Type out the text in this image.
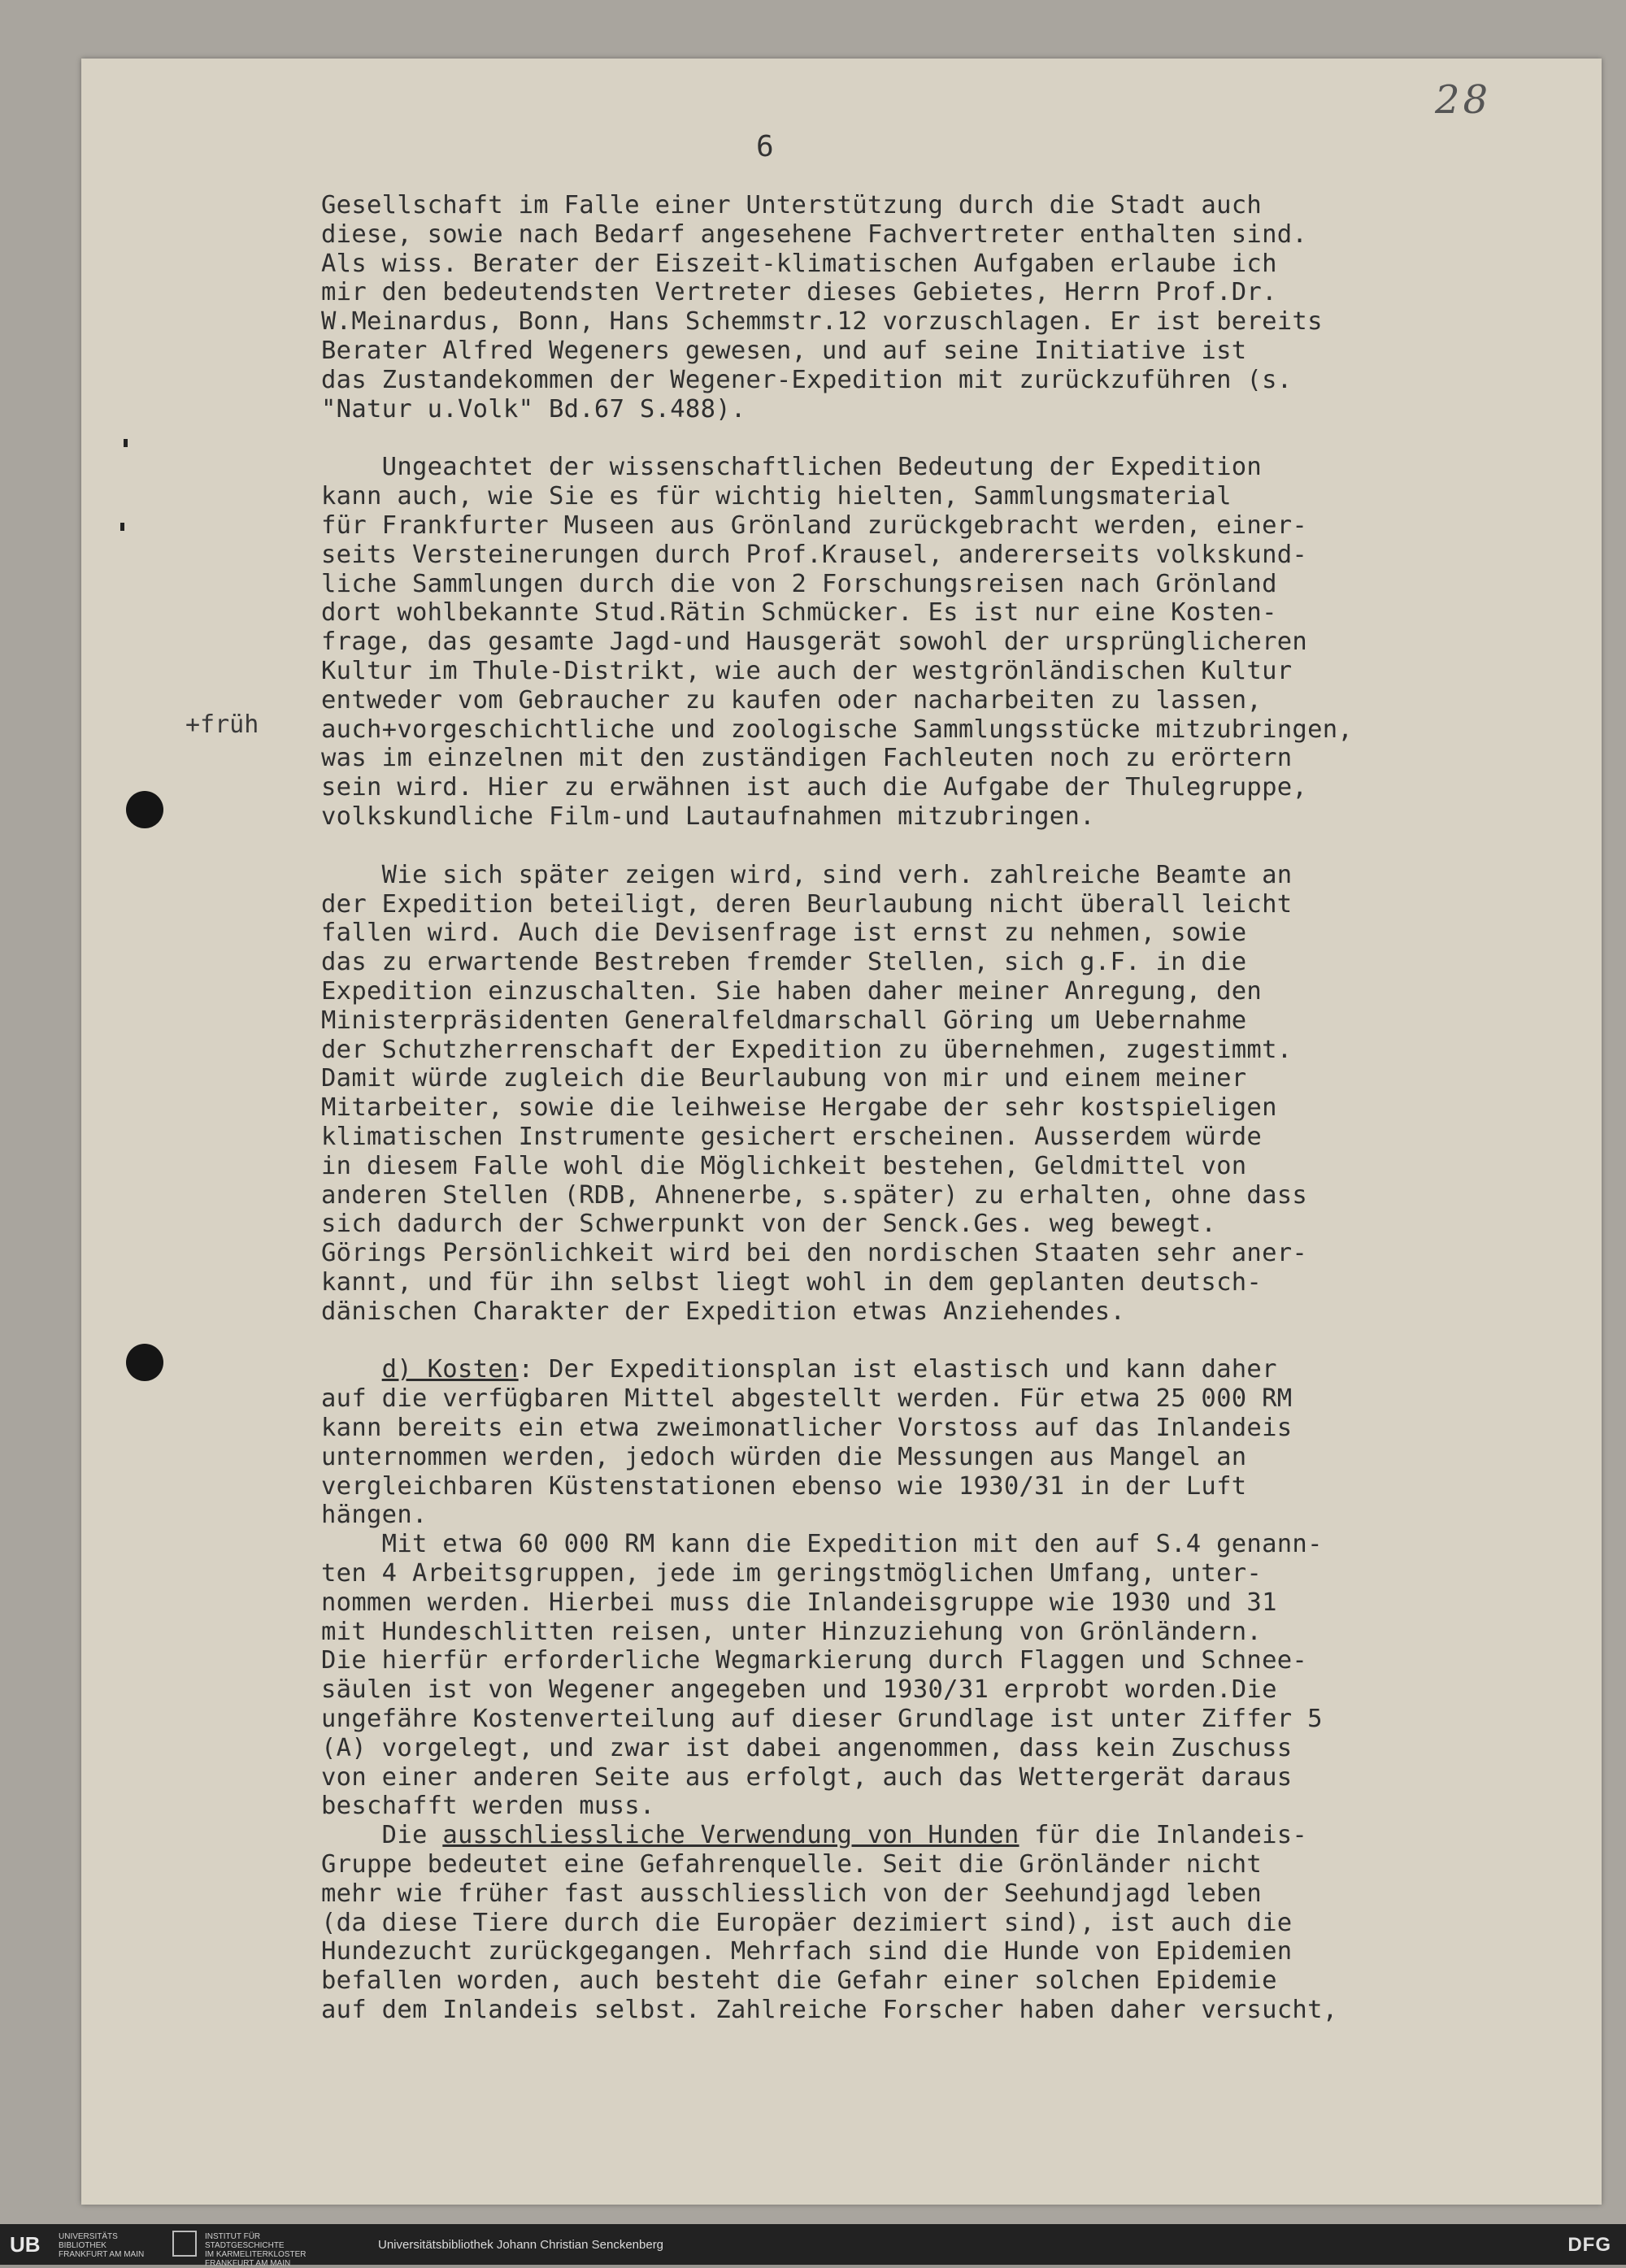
28
6
+früh

Gesellschaft im Falle einer Unterstützung durch die Stadt auch
diese, sowie nach Bedarf angesehene Fachvertreter enthalten sind.
Als wiss. Berater der Eiszeit-klimatischen Aufgaben erlaube ich
mir den bedeutendsten Vertreter dieses Gebietes, Herrn Prof.Dr.
W.Meinardus, Bonn, Hans Schemmstr.12 vorzuschlagen. Er ist bereits
Berater Alfred Wegeners gewesen, und auf seine Initiative ist
das Zustandekommen der Wegener-Expedition mit zurückzuführen (s.
"Natur u.Volk" Bd.67 S.488).

Ungeachtet der wissenschaftlichen Bedeutung der Expedition
kann auch, wie Sie es für wichtig hielten, Sammlungsmaterial
für Frankfurter Museen aus Grönland zurückgebracht werden, einer-
seits Versteinerungen durch Prof.Krausel, andererseits volkskund-
liche Sammlungen durch die von 2 Forschungsreisen nach Grönland
dort wohlbekannte Stud.Rätin Schmücker. Es ist nur eine Kosten-
frage, das gesamte Jagd-und Hausgerät sowohl der ursprünglicheren
Kultur im Thule-Distrikt, wie auch der westgrönländischen Kultur
entweder vom Gebraucher zu kaufen oder nacharbeiten zu lassen,
auch+vorgeschichtliche und zoologische Sammlungsstücke mitzubringen,
was im einzelnen mit den zuständigen Fachleuten noch zu erörtern
sein wird. Hier zu erwähnen ist auch die Aufgabe der Thulegruppe,
volkskundliche Film-und Lautaufnahmen mitzubringen.

Wie sich später zeigen wird, sind verh. zahlreiche Beamte an
der Expedition beteiligt, deren Beurlaubung nicht überall leicht
fallen wird. Auch die Devisenfrage ist ernst zu nehmen, sowie
das zu erwartende Bestreben fremder Stellen, sich g.F. in die
Expedition einzuschalten. Sie haben daher meiner Anregung, den
Ministerpräsidenten Generalfeldmarschall Göring um Uebernahme
der Schutzherrenschaft der Expedition zu übernehmen, zugestimmt.
Damit würde zugleich die Beurlaubung von mir und einem meiner
Mitarbeiter, sowie die leihweise Hergabe der sehr kostspieligen
klimatischen Instrumente gesichert erscheinen. Ausserdem würde
in diesem Falle wohl die Möglichkeit bestehen, Geldmittel von
anderen Stellen (RDB, Ahnenerbe, s.später) zu erhalten, ohne dass
sich dadurch der Schwerpunkt von der Senck.Ges. weg bewegt.
Görings Persönlichkeit wird bei den nordischen Staaten sehr aner-
kannt, und für ihn selbst liegt wohl in dem geplanten deutsch-
dänischen Charakter der Expedition etwas Anziehendes.

d) Kosten: Der Expeditionsplan ist elastisch und kann daher
auf die verfügbaren Mittel abgestellt werden. Für etwa 25 000 RM
kann bereits ein etwa zweimonatlicher Vorstoss auf das Inlandeis
unternommen werden, jedoch würden die Messungen aus Mangel an
vergleichbaren Küstenstationen ebenso wie 1930/31 in der Luft
hängen.
Mit etwa 60 000 RM kann die Expedition mit den auf S.4 genann-
ten 4 Arbeitsgruppen, jede im geringstmöglichen Umfang, unter-
nommen werden. Hierbei muss die Inlandeisgruppe wie 1930 und 31
mit Hundeschlitten reisen, unter Hinzuziehung von Grönländern.
Die hierfür erforderliche Wegmarkierung durch Flaggen und Schnee-
säulen ist von Wegener angegeben und 1930/31 erprobt worden.Die
ungefähre Kostenverteilung auf dieser Grundlage ist unter Ziffer 5
(A) vorgelegt, und zwar ist dabei angenommen, dass kein Zuschuss
von einer anderen Seite aus erfolgt, auch das Wettergerät daraus
beschafft werden muss.
Die ausschliessliche Verwendung von Hunden für die Inlandeis-
Gruppe bedeutet eine Gefahrenquelle. Seit die Grönländer nicht
mehr wie früher fast ausschliesslich von der Seehundjagd leben
(da diese Tiere durch die Europäer dezimiert sind), ist auch die
Hundezucht zurückgegangen. Mehrfach sind die Hunde von Epidemien
befallen worden, auch besteht die Gefahr einer solchen Epidemie
auf dem Inlandeis selbst. Zahlreiche Forscher haben daher versucht,

UB UNIVERSITÄTS
BIBLIOTHEK
FRANKFURT AM MAIN
INSTITUT FÜR
STADTGESCHICHTE
IM KARMELITERKLOSTER
FRANKFURT AM MAIN
Universitätsbibliothek Johann Christian Senckenberg	DFG
